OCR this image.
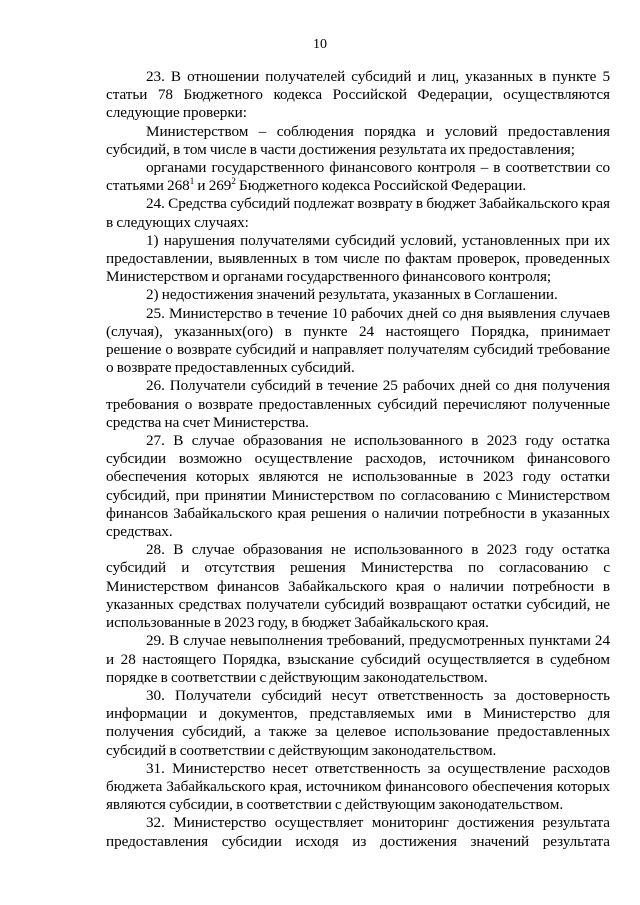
10

23. В отношении получателей субсидий и лиц, указанных в пункте 5 статьи 78 Бюджетного кодекса Российской Федерации, осуществляются следующие проверки:

Министерством – соблюдения порядка и условий предоставления субсидий, в том числе в части достижения результата их предоставления;

органами государственного финансового контроля – в соответствии со статьями $268^1$ и $269^2$ Бюджетного кодекса Российской Федерации.

24. Средства субсидий подлежат возврату в бюджет Забайкальского края в следующих случаях:

1) нарушения получателями субсидий условий, установленных при их предоставлении, выявленных в том числе по фактам проверок, проведенных Министерством и органами государственного финансового контроля;

2) недостижения значений результата, указанных в Соглашении.

25. Министерство в течение 10 рабочих дней со дня выявления случаев (случая), указанных(ого) в пункте 24 настоящего Порядка, принимает решение о возврате субсидий и направляет получателям субсидий требование о возврате предоставленных субсидий.

26. Получатели субсидий в течение 25 рабочих дней со дня получения требования о возврате предоставленных субсидий перечисляют полученные средства на счет Министерства.

27. В случае образования не использованного в 2023 году остатка субсидии возможно осуществление расходов, источником финансового обеспечения которых являются не использованные в 2023 году остатки субсидий, при принятии Министерством по согласованию с Министерством финансов Забайкальского края решения о наличии потребности в указанных средствах.

28. В случае образования не использованного в 2023 году остатка субсидий и отсутствия решения Министерства по согласованию с Министерством финансов Забайкальского края о наличии потребности в указанных средствах получатели субсидий возвращают остатки субсидий, не использованные в 2023 году, в бюджет Забайкальского края.

29. В случае невыполнения требований, предусмотренных пунктами 24 и 28 настоящего Порядка, взыскание субсидий осуществляется в судебном порядке в соответствии с действующим законодательством.

30. Получатели субсидий несут ответственность за достоверность информации и документов, представляемых ими в Министерство для получения субсидий, а также за целевое использование предоставленных субсидий в соответствии с действующим законодательством.

31. Министерство несет ответственность за осуществление расходов бюджета Забайкальского края, источником финансового обеспечения которых являются субсидии, в соответствии с действующим законодательством.

32. Министерство осуществляет мониторинг достижения результата предоставления субсидии исходя из достижения значений результата
